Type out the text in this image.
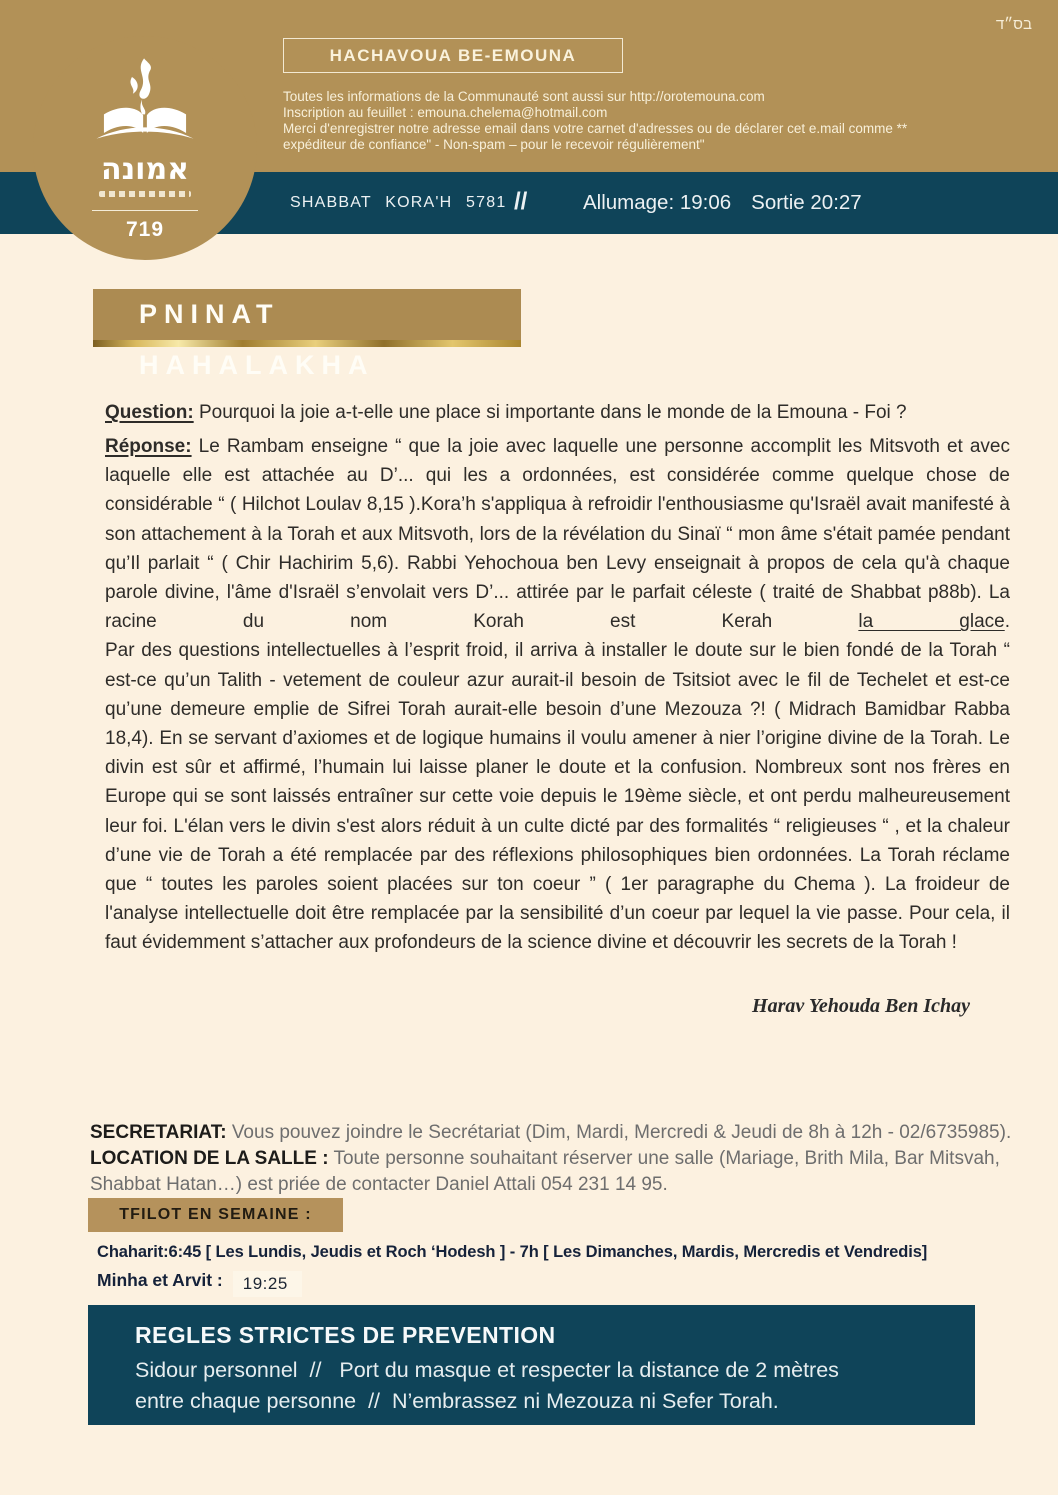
בס״ד
HACHAVOUA BE-EMOUNA
Toutes les informations de la Communauté sont aussi sur http://orotemouna.com
Inscription au feuillet : emouna.chelema@hotmail.com
Merci d'enregistrer notre adresse email dans votre carnet d'adresses ou de déclarer cet e.mail comme **
expéditeur de confiance" - Non-spam – pour le recevoir régulièrement"
SHABBAT KORA'H 5781 //	Allumage: 19:06 Sortie 20:27
אמונה
719
PNINAT HAHALAKHA

Question: Pourquoi la joie a-t-elle une place si importante dans le monde de la Emouna - Foi ?

Réponse: Le Rambam enseigne “ que la joie avec laquelle une personne accomplit les Mitsvoth et avec laquelle elle est attachée au D’... qui les a ordonnées, est considérée comme quelque chose de considérable “ ( Hilchot Loulav 8,15 ).Kora’h s'appliqua à refroidir l'enthousiasme qu'Israël avait manifesté à son attachement à la Torah et aux Mitsvoth, lors de la révélation du Sinaï “ mon âme s'était pamée pendant qu’Il parlait “ ( Chir Hachirim 5,6). Rabbi Yehochoua ben Levy enseignait à propos de cela qu'à chaque parole divine, l'âme d'Israël s’envolait vers D’... attirée par le parfait céleste ( traité de Shabbat p88b). La racine du nom Korah est Kerah	la glace.
Par des questions intellectuelles à l’esprit froid, il arriva à installer le doute sur le bien fondé de la Torah “ est-ce qu’un Talith - vetement de couleur azur aurait-il besoin de Tsitsiot avec le fil de Techelet et est-ce qu’une demeure emplie de Sifrei Torah aurait-elle besoin d’une Mezouza ?! ( Midrach Bamidbar Rabba 18,4). En se servant d’axiomes et de logique humains il voulu amener à nier l’origine divine de la Torah. Le divin est sûr et affirmé, l’humain lui laisse planer le doute et la confusion. Nombreux sont nos frères en Europe qui se sont laissés entraîner sur cette voie depuis le 19ème siècle, et ont perdu malheureusement leur foi. L'élan vers le divin s'est alors réduit à un culte dicté par des formalités “ religieuses “ , et la chaleur d’une vie de Torah a été remplacée par des réflexions philosophiques bien ordonnées. La Torah réclame que “ toutes les paroles soient placées sur ton coeur ” ( 1er paragraphe du Chema ). La froideur de l'analyse intellectuelle doit être remplacée par la sensibilité d’un coeur par lequel la vie passe. Pour cela, il faut évidemment s’attacher aux profondeurs de la science divine et découvrir les secrets de la Torah !
Harav Yehouda Ben Ichay
SECRETARIAT: Vous pouvez joindre le Secrétariat (Dim, Mardi, Mercredi & Jeudi de 8h à 12h - 02/6735985).
LOCATION DE LA SALLE : Toute personne souhaitant réserver une salle (Mariage, Brith Mila, Bar Mitsvah, Shabbat Hatan…) est priée de contacter Daniel Attali 054 231 14 95.
TFILOT EN SEMAINE :
Chaharit:6:45 [ Les Lundis, Jeudis et Roch ‘Hodesh ] - 7h [ Les Dimanches, Mardis, Mercredis et Vendredis]
Minha et Arvit : 19:25
REGLES STRICTES DE PREVENTION
Sidour personnel  //   Port du masque et respecter la distance de 2 mètres
entre chaque personne  //  N’embrassez ni Mezouza ni Sefer Torah.
